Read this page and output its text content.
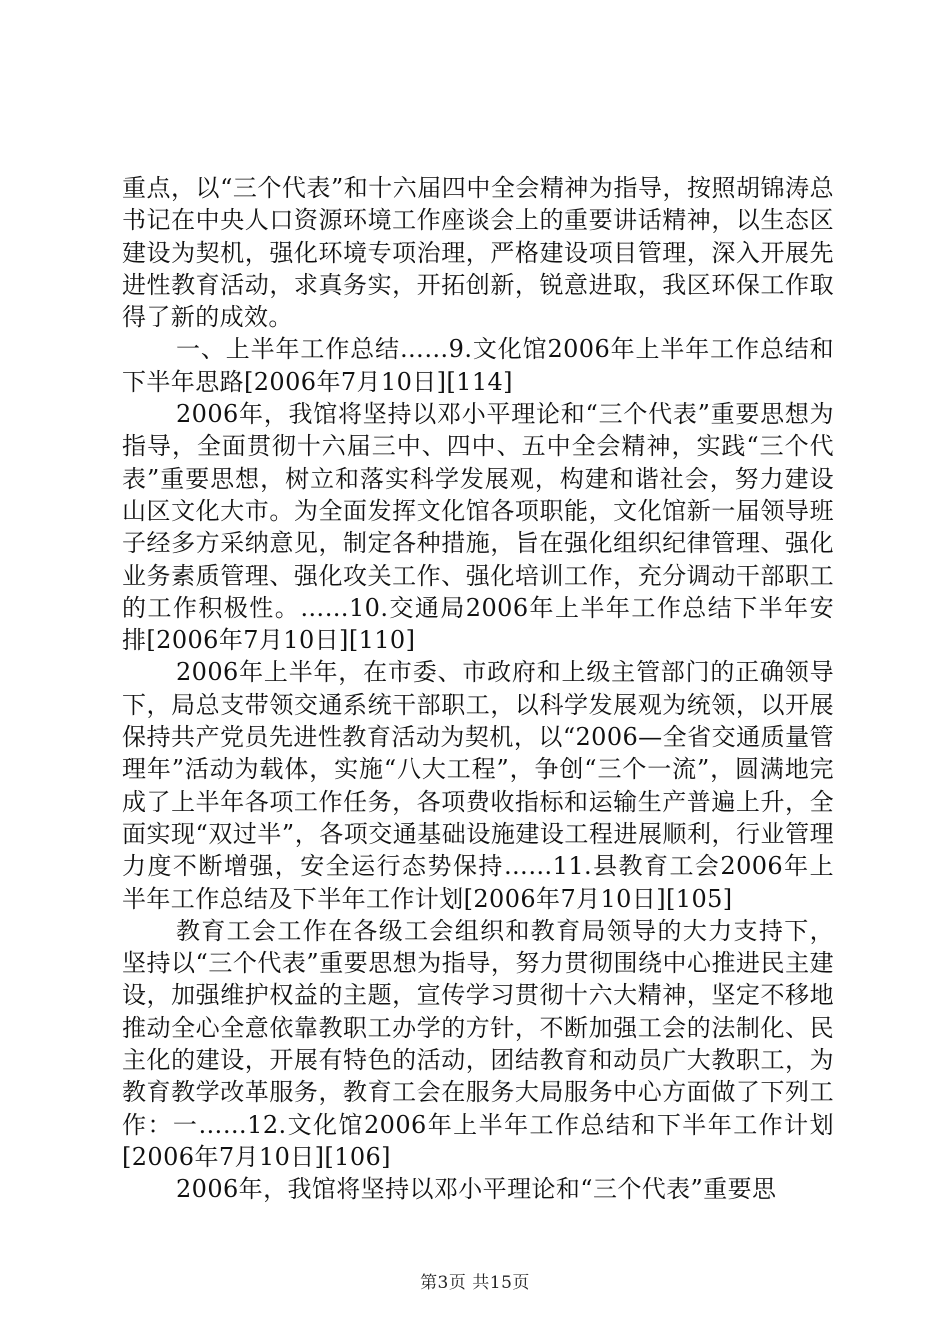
重点，以“三个代表”和十六届四中全会精神为指导，按照胡锦涛总书记在中央人口资源环境工作座谈会上的重要讲话精神，以生态区建设为契机，强化环境专项治理，严格建设项目管理，深入开展先进性教育活动，求真务实，开拓创新，锐意进取，我区环保工作取得了新的成效。

一、上半年工作总结……9.文化馆2006年上半年工作总结和下半年思路[2006年7月10日][114]

2006年，我馆将坚持以邓小平理论和“三个代表”重要思想为指导，全面贯彻十六届三中、四中、五中全会精神，实践“三个代表”重要思想，树立和落实科学发展观，构建和谐社会，努力建设山区文化大市。为全面发挥文化馆各项职能，文化馆新一届领导班子经多方采纳意见，制定各种措施，旨在强化组织纪律管理、强化业务素质管理、强化攻关工作、强化培训工作，充分调动干部职工的工作积极性。……10.交通局2006年上半年工作总结下半年安排[2006年7月10日][110]

2006年上半年，在市委、市政府和上级主管部门的正确领导下，局总支带领交通系统干部职工，以科学发展观为统领，以开展保持共产党员先进性教育活动为契机，以“2006—全省交通质量管理年”活动为载体，实施“八大工程”，争创“三个一流”，圆满地完成了上半年各项工作任务，各项费收指标和运输生产普遍上升，全面实现“双过半”，各项交通基础设施建设工程进展顺利，行业管理力度不断增强，安全运行态势保持……11.县教育工会2006年上半年工作总结及下半年工作计划[2006年7月10日][105]

教育工会工作在各级工会组织和教育局领导的大力支持下，坚持以“三个代表”重要思想为指导，努力贯彻围绕中心推进民主建设，加强维护权益的主题，宣传学习贯彻十六大精神，坚定不移地推动全心全意依靠教职工办学的方针，不断加强工会的法制化、民主化的建设，开展有特色的活动，团结教育和动员广大教职工，为教育教学改革服务，教育工会在服务大局服务中心方面做了下列工作：一……12.文化馆2006年上半年工作总结和下半年工作计划[2006年7月10日][106]

2006年，我馆将坚持以邓小平理论和“三个代表”重要思

第3页 共15页
